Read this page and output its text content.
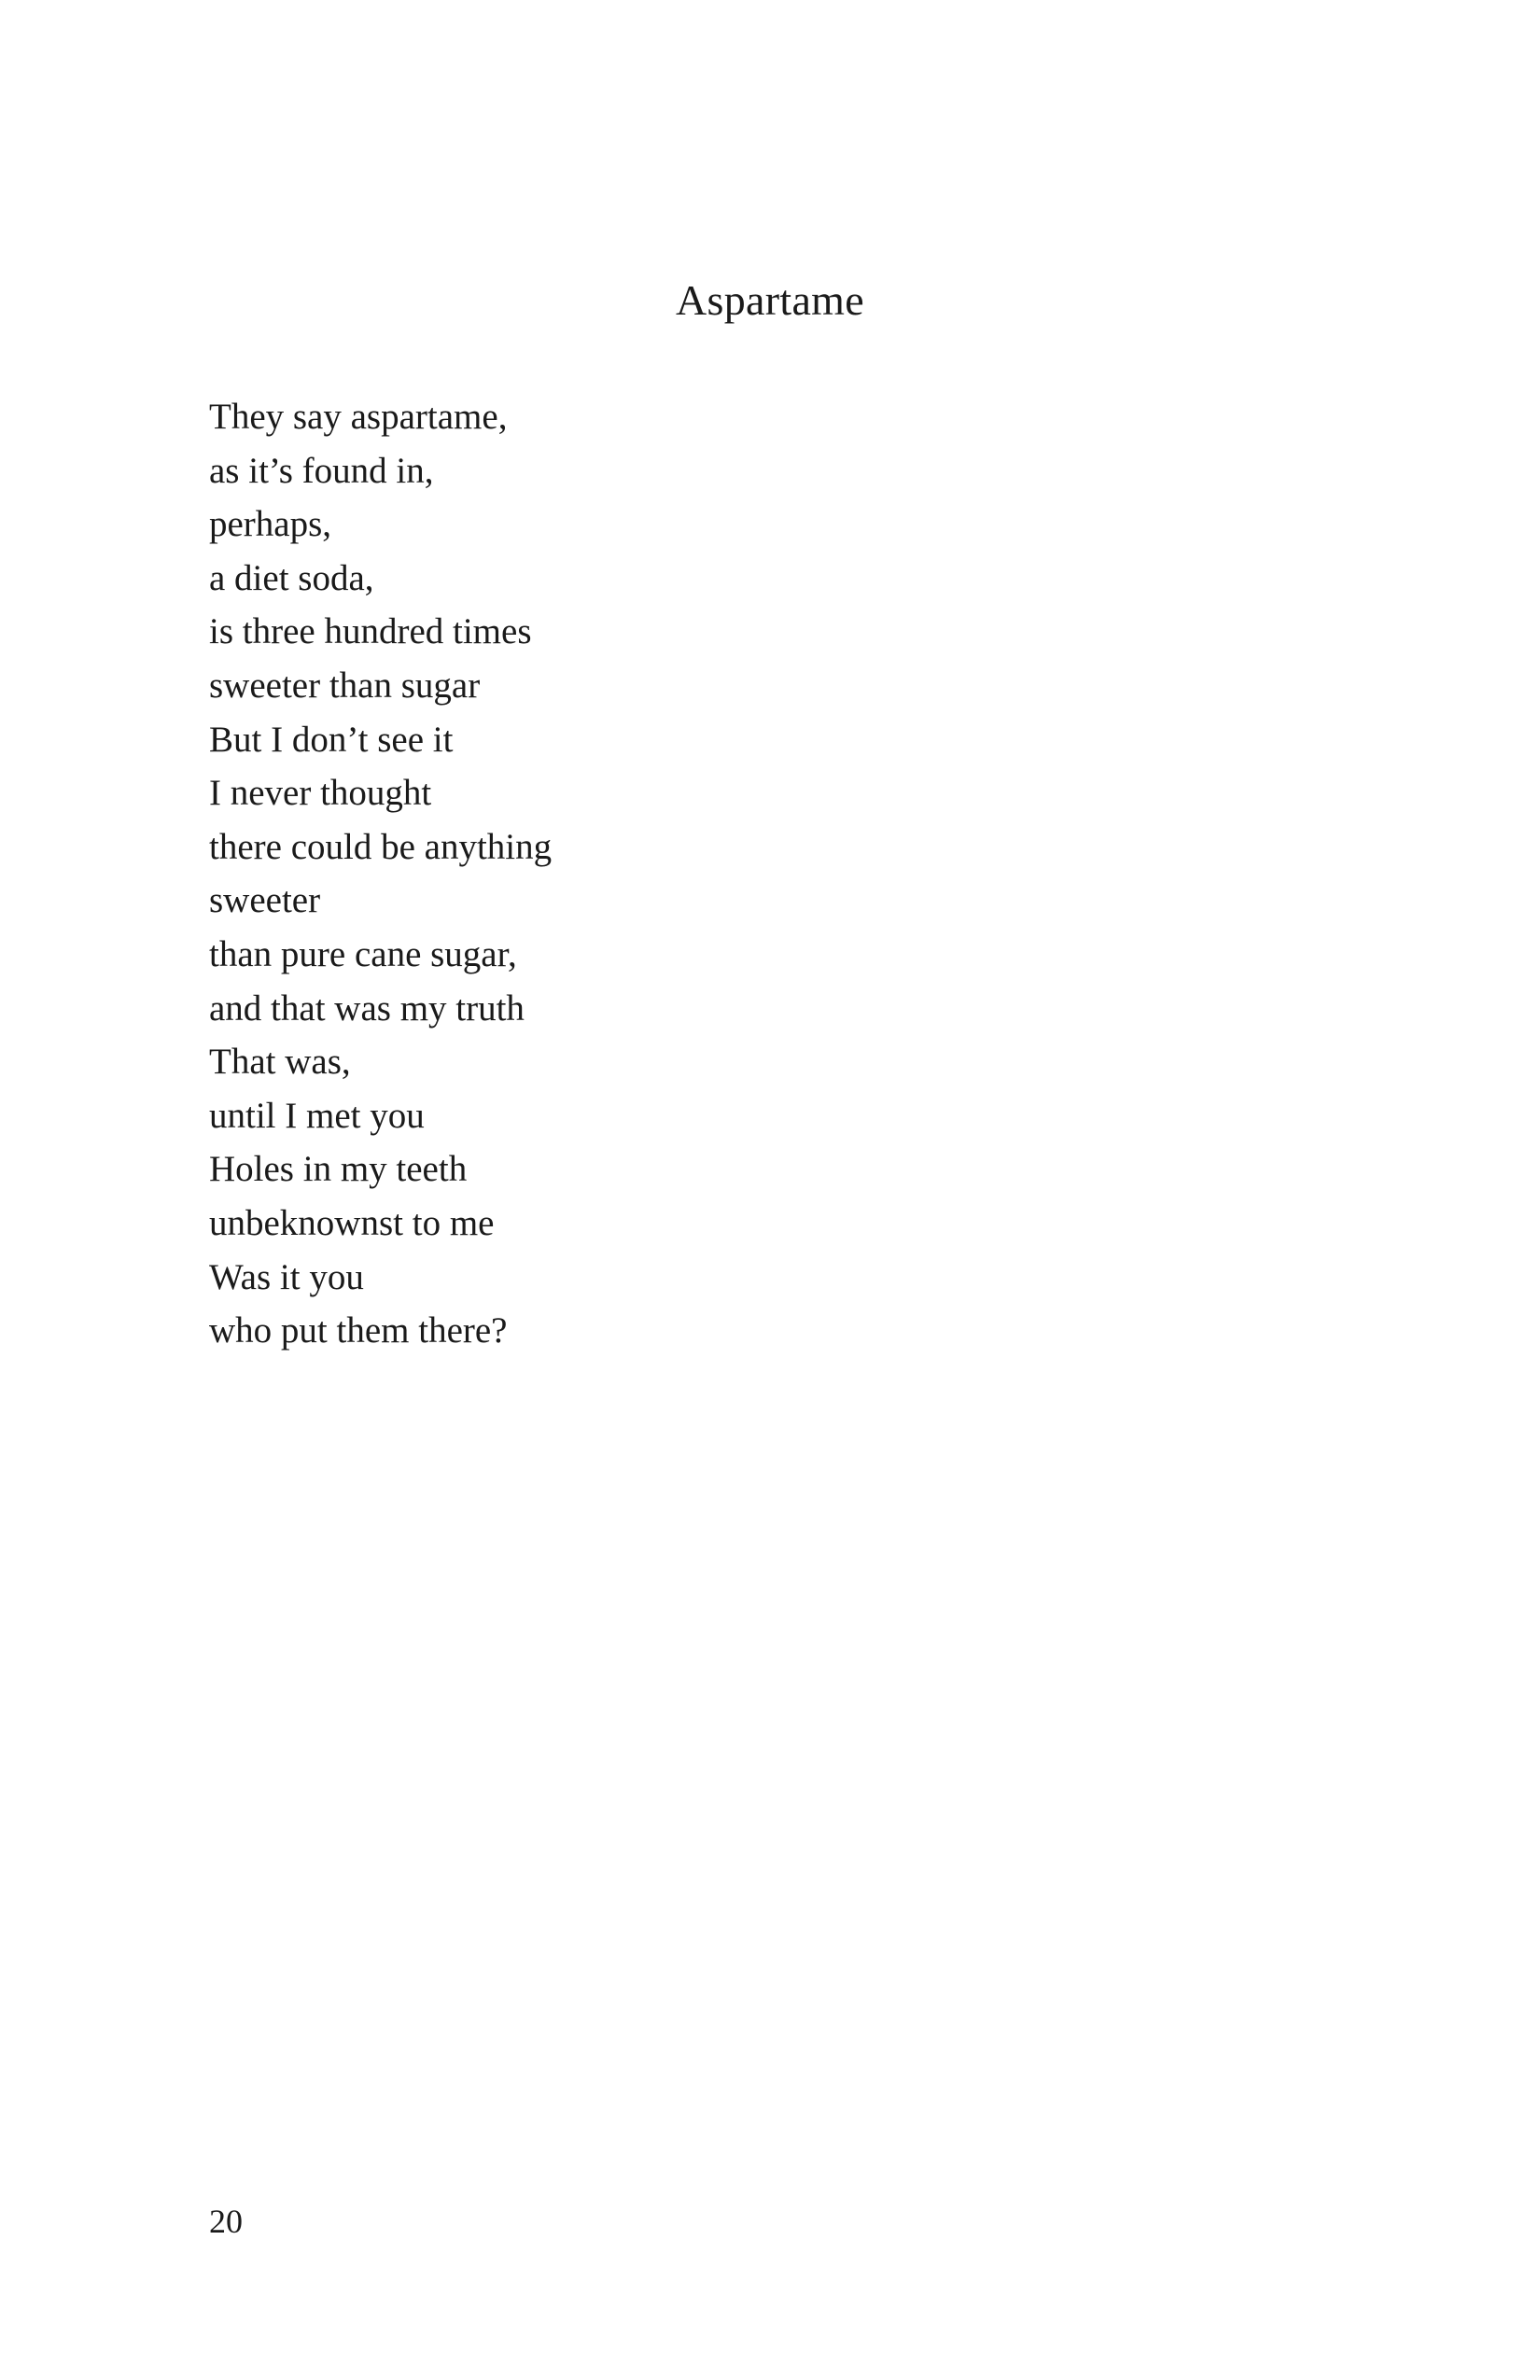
Aspartame
They say aspartame,
as it’s found in,
perhaps,
a diet soda,
is three hundred times
sweeter than sugar
But I don’t see it
I never thought
there could be anything
sweeter
than pure cane sugar,
and that was my truth
That was,
until I met you
Holes in my teeth
unbeknownst to me
Was it you
who put them there?

20
